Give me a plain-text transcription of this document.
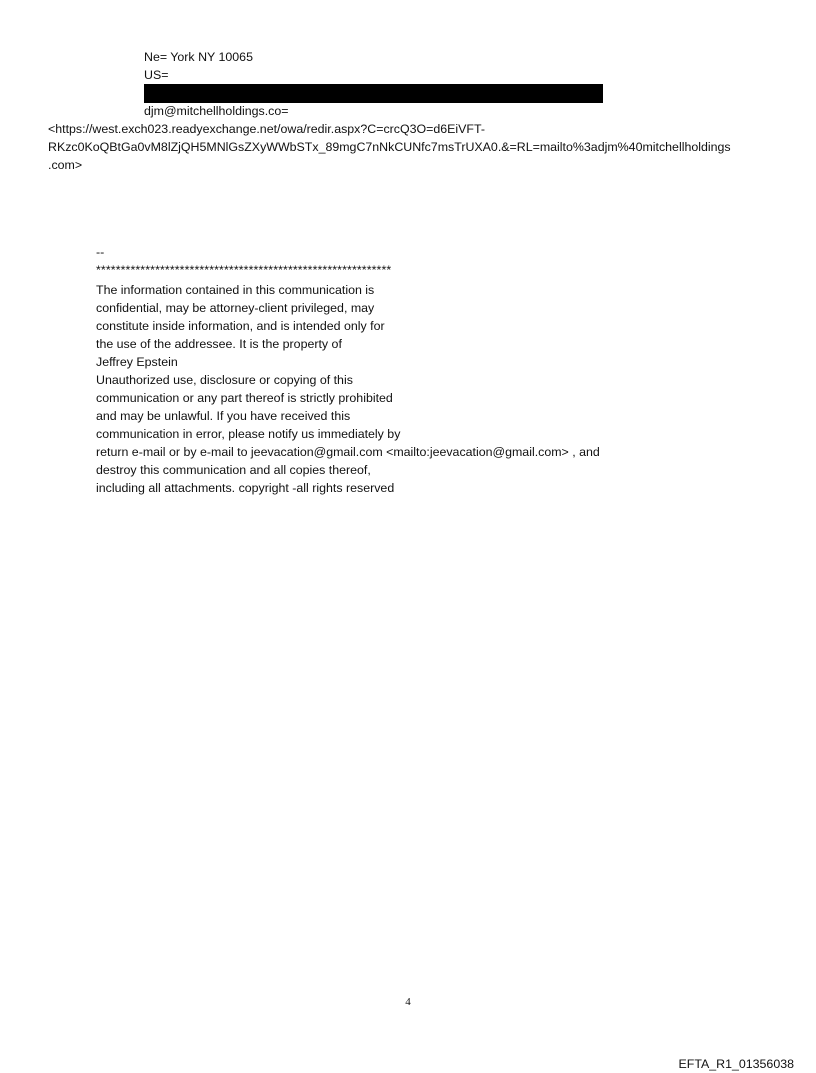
Ne= York NY 10065
US=
djm@mitchellholdings.co=
<https://west.exch023.readyexchange.net/owa/redir.aspx?C=crcQ3O=d6EiVFT-
RKzc0KoQBtGa0vM8lZjQH5MNlGsZXyWWbSTx_89mgC7nNkCUNfc7msTrUXA0.&=RL=mailto%3adjm%40mitchellholdings
.com>
--
************************************************************
The information contained in this communication is
confidential, may be attorney-client privileged, may
constitute inside information, and is intended only for
the use of the addressee. It is the property of
Jeffrey Epstein
Unauthorized use, disclosure or copying of this
communication or any part thereof is strictly prohibited
and may be unlawful. If you have received this
communication in error, please notify us immediately by
return e-mail or by e-mail to jeevacation@gmail.com <mailto:jeevacation@gmail.com> , and
destroy this communication and all copies thereof,
including all attachments. copyright -all rights reserved
4
EFTA_R1_01356038
